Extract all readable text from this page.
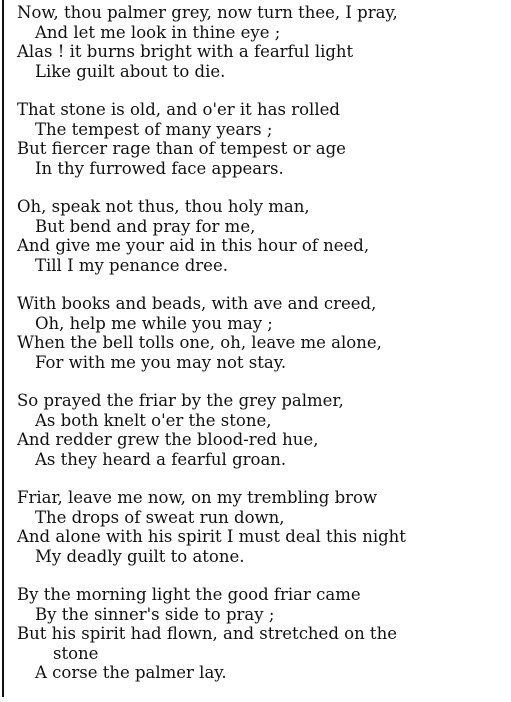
Now, thou palmer grey, now turn thee, I pray,
And let me look in thine eye ;
Alas ! it burns bright with a fearful light
Like guilt about to die.
That stone is old, and o'er it has rolled
The tempest of many years ;
But fiercer rage than of tempest or age
In thy furrowed face appears.
Oh, speak not thus, thou holy man,
But bend and pray for me,
And give me your aid in this hour of need,
Till I my penance dree.
With books and beads, with ave and creed,
Oh, help me while you may ;
When the bell tolls one, oh, leave me alone,
For with me you may not stay.
So prayed the friar by the grey palmer,
As both knelt o'er the stone,
And redder grew the blood-red hue,
As they heard a fearful groan.
Friar, leave me now, on my trembling brow
The drops of sweat run down,
And alone with his spirit I must deal this night
My deadly guilt to atone.
By the morning light the good friar came
By the sinner's side to pray ;
But his spirit had flown, and stretched on the
stone
A corse the palmer lay.
